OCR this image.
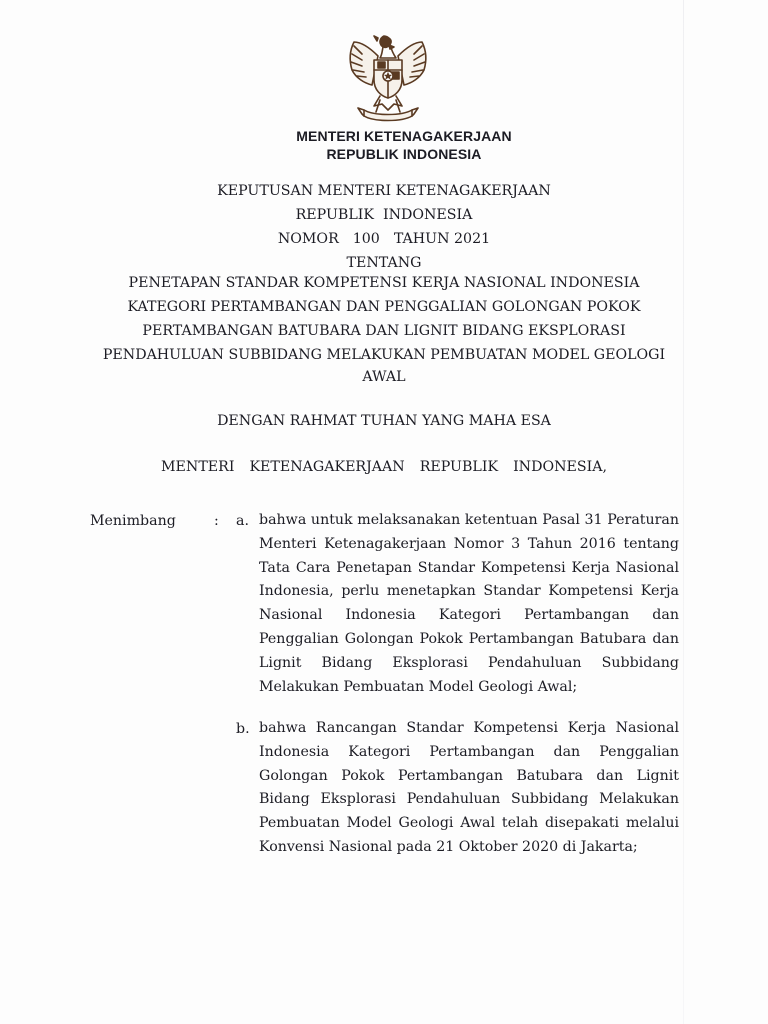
MENTERI KETENAGAKERJAAN
REPUBLIK INDONESIA
KEPUTUSAN MENTERI KETENAGAKERJAAN
REPUBLIK  INDONESIA
NOMOR 100 TAHUN 2021
TENTANG
PENETAPAN STANDAR KOMPETENSI KERJA NASIONAL INDONESIA
KATEGORI PERTAMBANGAN DAN PENGGALIAN GOLONGAN POKOK
PERTAMBANGAN BATUBARA DAN LIGNIT BIDANG EKSPLORASI
PENDAHULUAN SUBBIDANG MELAKUKAN PEMBUATAN MODEL GEOLOGI
AWAL
DENGAN RAHMAT TUHAN YANG MAHA ESA
MENTERI  KETENAGAKERJAAN  REPUBLIK  INDONESIA,
Menimbang	: a. bahwa untuk melaksanakan ketentuan Pasal 31 Peraturan Menteri Ketenagakerjaan Nomor 3 Tahun 2016 tentang Tata Cara Penetapan Standar Kompetensi Kerja Nasional Indonesia, perlu menetapkan Standar Kompetensi Kerja Nasional Indonesia Kategori Pertambangan dan Penggalian Golongan Pokok Pertambangan Batubara dan Lignit Bidang Eksplorasi Pendahuluan Subbidang Melakukan Pembuatan Model Geologi Awal;
b. bahwa Rancangan Standar Kompetensi Kerja Nasional Indonesia Kategori Pertambangan dan Penggalian Golongan Pokok Pertambangan Batubara dan Lignit Bidang Eksplorasi Pendahuluan Subbidang Melakukan Pembuatan Model Geologi Awal telah disepakati melalui Konvensi Nasional pada 21 Oktober 2020 di Jakarta;
